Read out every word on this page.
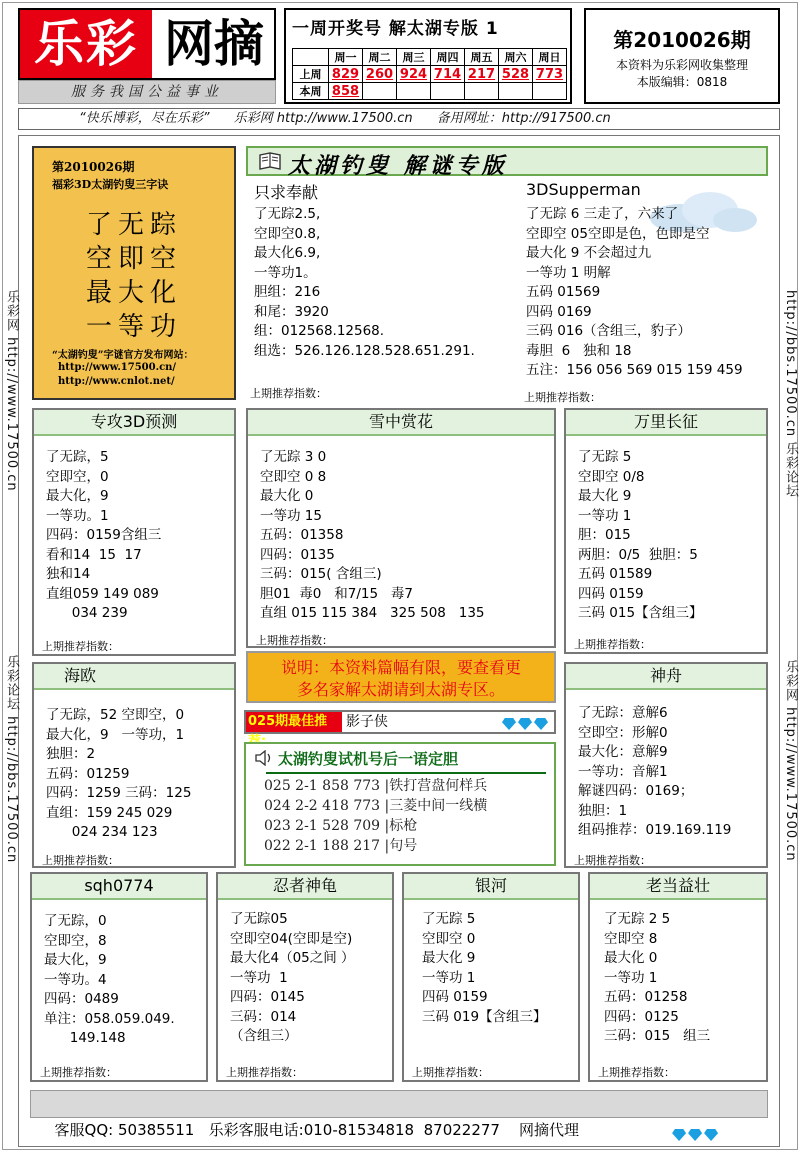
乐彩 网摘
服务我国公益事业
一周开奖号 解太湖专版 1
	周一	周二	周三	周四	周五	周六	周日
上周	829	260	924	714	217	528	773
本周	858						
第2010026期
本资料为乐彩网收集整理
本版编辑：0818
“快乐博彩，尽在乐彩” 乐彩网 http://www.17500.cn 备用网址：http://917500.cn
乐彩网 http://www.17500.cn
乐彩论坛 http://bbs.17500.cn
http://bbs.17500.cn 乐彩论坛
乐彩网 http://www.17500.cn
第2010026期
福彩3D太湖钓叟三字诀
了无踪
空即空
最大化
一等功
“太湖钓叟”字谜官方发布网站：
http://www.17500.cn/
http://www.cnlot.net/
太湖钓叟 解谜专版
只求奉献
了无踪2.5,
空即空0.8,
最大化6.9,
一等功1。
胆组：216
和尾：3920
组：012568.12568.
组选：526.126.128.528.651.291.
上期推荐指数：
3DSupperman
了无踪 6 三走了，六来了
空即空 05空即是色，色即是空
最大化 9 不会超过九
一等功 1 明解
五码 01569
四码 0169
三码 016（含组三，豹子）
毒胆  6   独和 18
五注：156 056 569 015 159 459
上期推荐指数：
专攻3D预测
了无踪，5
空即空，0
最大化，9
一等功。1
四码：0159含组三
看和14  15  17
独和14
直组059 149 089
034 239
上期推荐指数：
雪中赏花
了无踪 3 0
空即空 0 8
最大化 0
一等功 15
五码：01358
四码：0135
三码：015( 含组三)
胆01  毒0   和7/15   毒7
直组 015 115 384   325 508   135
上期推荐指数：
万里长征
了无踪 5
空即空 0/8
最大化 9
一等功 1
胆：015
两胆：0/5  独胆：5
五码 01589
四码 0159
三码 015【含组三】
上期推荐指数：
说明：本资料篇幅有限，要查看更
多名家解太湖请到太湖专区。
海欧
了无踪，52 空即空，0
最大化，9   一等功，1
独胆：2
五码：01259
四码：1259 三码：125
直组：159 245 029
024 234 123
上期推荐指数：
神舟
了无踪：意解6
空即空：形解0
最大化：意解9
一等功：音解1
解谜四码：0169；
独胆：1
组码推荐：019.169.119
上期推荐指数：
025期最佳推	影子侠
太湖钓叟试机号后一语定胆
025 2-1 858 773 |铁打营盘何样兵
024 2-2 418 773 |三菱中间一线横
023 2-1 528 709 |标枪
022 2-1 188 217 |句号
sqh0774
了无踪，0
空即空，8
最大化，9
一等功。4
四码：0489
单注：058.059.049.
149.148
上期推荐指数：
忍者神龟
了无踪05
空即空04(空即是空)
最大化4（05之间 ）
一等功  1
四码：0145
三码：014
（含组三）
上期推荐指数：
银河
了无踪 5
空即空 0
最大化 9
一等功 1
四码 0159
三码 019【含组三】
上期推荐指数：
老当益壮
了无踪 2 5
空即空 8
最大化 0
一等功 1
五码：01258
四码：0125
三码：015   组三
上期推荐指数：

客服QQ: 50385511   乐彩客服电话:010-81534818  87022277    网摘代理
